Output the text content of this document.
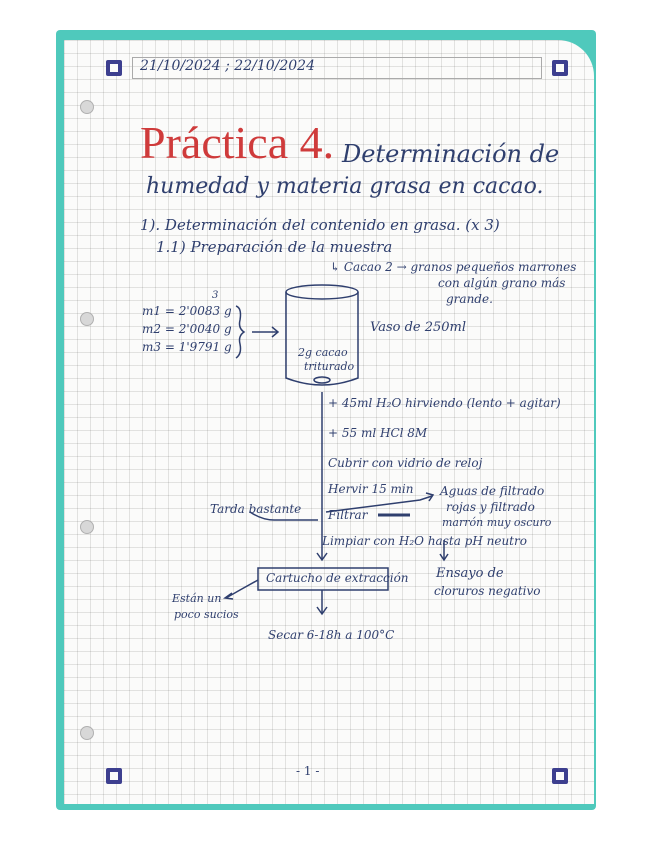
21/10/2024 ; 22/10/2024
Práctica 4. Determinación de
humedad y materia grasa en cacao.
1). Determinación del contenido en grasa. (x 3)
1.1) Preparación de la muestra
↳ Cacao 2 → granos pequeños marrones
con algún grano más
grande.
3
m1 = 2'0083 g
m2 = 2'0040 g
m3 = 1'9791 g
Vaso de 250ml
2g cacao
triturado
+ 45ml H₂O hirviendo (lento + agitar)
+ 55 ml HCl 8M
Cubrir con vidrio de reloj
Hervir 15 min
Filtrar
Limpiar con H₂O hasta pH neutro
Tarda bastante
Aguas de filtrado
rojas y filtrado
marrón muy oscuro
Ensayo de
cloruros negativo
Están un
poco sucios
Cartucho de extracción
Secar 6-18h a 100°C
- 1 -
